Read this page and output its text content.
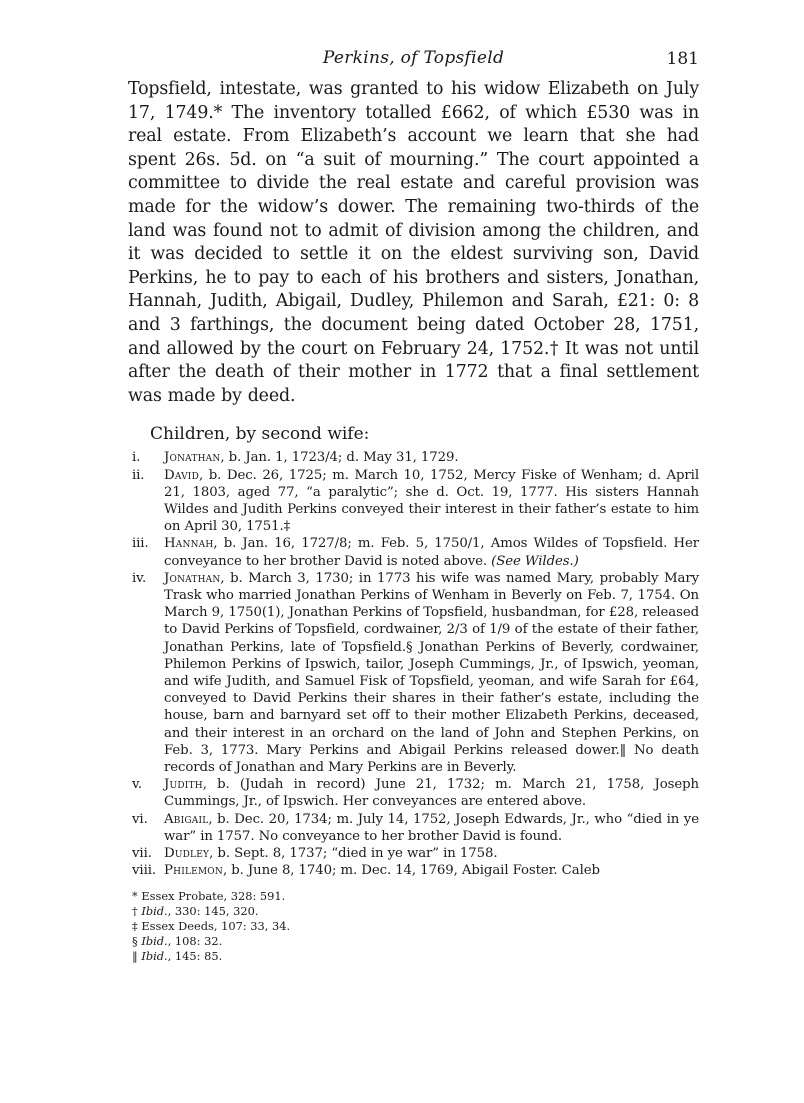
Perkins, of Topsfield	181

Topsfield, intestate, was granted to his widow Elizabeth on July 17, 1749.* The inventory totalled £662, of which £530 was in real estate. From Elizabeth’s account we learn that she had spent 26s. 5d. on “a suit of mourning.” The court appointed a committee to divide the real estate and careful provision was made for the widow’s dower. The remaining two-thirds of the land was found not to admit of division among the children, and it was decided to settle it on the eldest surviving son, David Perkins, he to pay to each of his brothers and sisters, Jonathan, Hannah, Judith, Abigail, Dudley, Philemon and Sarah, £21: 0: 8 and 3 farthings, the document being dated October 28, 1751, and allowed by the court on February 24, 1752.† It was not until after the death of their mother in 1772 that a final settlement was made by deed.

Children, by second wife:
i.	Jonathan, b. Jan. 1, 1723/4; d. May 31, 1729.
ii.	David, b. Dec. 26, 1725; m. March 10, 1752, Mercy Fiske of Wenham; d. April 21, 1803, aged 77, “a paralytic”; she d. Oct. 19, 1777. His sisters Hannah Wildes and Judith Perkins conveyed their interest in their father’s estate to him on April 30, 1751.‡
iii.	Hannah, b. Jan. 16, 1727/8; m. Feb. 5, 1750/1, Amos Wildes of Topsfield. Her conveyance to her brother David is noted above. (See Wildes.)
iv.	Jonathan, b. March 3, 1730; in 1773 his wife was named Mary, probably Mary Trask who married Jonathan Perkins of Wenham in Beverly on Feb. 7, 1754. On March 9, 1750(1), Jonathan Perkins of Topsfield, husbandman, for £28, released to David Perkins of Topsfield, cordwainer, 2/3 of 1/9 of the estate of their father, Jonathan Perkins, late of Topsfield.§ Jonathan Perkins of Beverly, cordwainer, Philemon Perkins of Ipswich, tailor, Joseph Cummings, Jr., of Ipswich, yeoman, and wife Judith, and Samuel Fisk of Topsfield, yeoman, and wife Sarah for £64, conveyed to David Perkins their shares in their father’s estate, including the house, barn and barnyard set off to their mother Elizabeth Perkins, deceased, and their interest in an orchard on the land of John and Stephen Perkins, on Feb. 3, 1773. Mary Perkins and Abigail Perkins released dower.‖ No death records of Jonathan and Mary Perkins are in Beverly.
v.	Judith, b. (Judah in record) June 21, 1732; m. March 21, 1758, Joseph Cummings, Jr., of Ipswich. Her conveyances are entered above.
vi.	Abigail, b. Dec. 20, 1734; m. July 14, 1752, Joseph Edwards, Jr., who “died in ye war” in 1757. No conveyance to her brother David is found.
vii. Dudley, b. Sept. 8, 1737; “died in ye war” in 1758.
viii. Philemon, b. June 8, 1740; m. Dec. 14, 1769, Abigail Foster. Caleb
* Essex Probate, 328: 591.
† Ibid., 330: 145, 320.
‡ Essex Deeds, 107: 33, 34.
§ Ibid., 108: 32.
‖ Ibid., 145: 85.
